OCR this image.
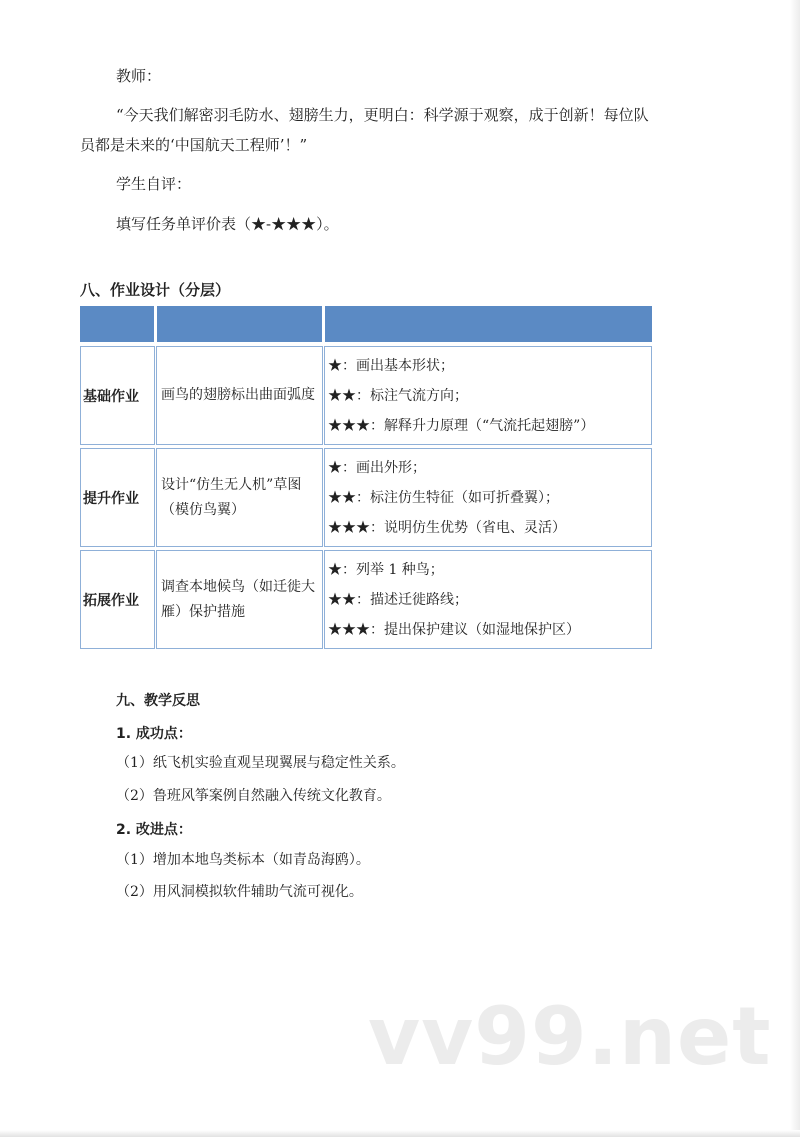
教师：

“今天我们解密羽毛防水、翅膀生力，更明白：科学源于观察，成于创新！每位队

员都是未来的‘中国航天工程师’！”

学生自评：

填写任务单评价表（★-★★★）。

八、作业设计（分层）

基础作业	画鸟的翅膀标出曲面弧度
★：画出基本形状；
★★：标注气流方向；
★★★：解释升力原理（“气流托起翅膀”）
提升作业
设计“仿生无人机”草图（模仿鸟翼）
★：画出外形；
★★：标注仿生特征（如可折叠翼）；
★★★：说明仿生优势（省电、灵活）
拓展作业
调查本地候鸟（如迁徙大雁）保护措施
★：列举 1 种鸟；
★★：描述迁徙路线；
★★★：提出保护建议（如湿地保护区）

九、教学反思

1. 成功点：

（1）纸飞机实验直观呈现翼展与稳定性关系。

（2）鲁班风筝案例自然融入传统文化教育。

2. 改进点：

（1）增加本地鸟类标本（如青岛海鸥）。

（2）用风洞模拟软件辅助气流可视化。

vv99.net
